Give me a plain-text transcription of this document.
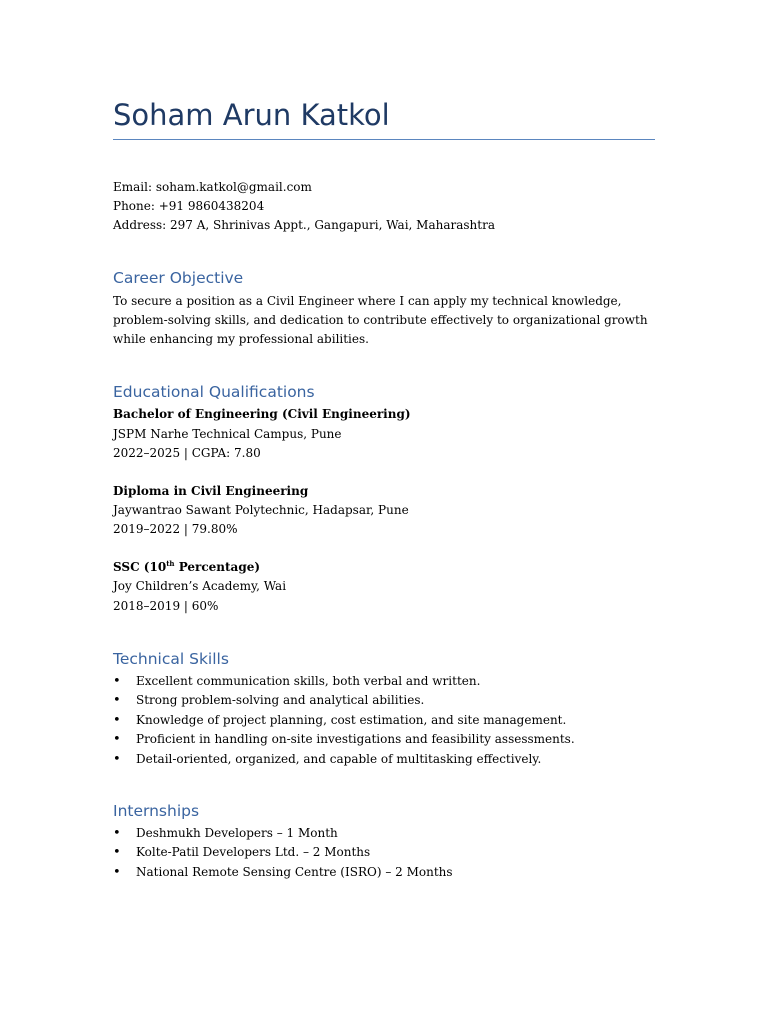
Soham Arun Katkol

Email: soham.katkol@gmail.com

Phone: +91 9860438204

Address: 297 A, Shrinivas Appt., Gangapuri, Wai, Maharashtra

Career Objective

To secure a position as a Civil Engineer where I can apply my technical knowledge,

problem-solving skills, and dedication to contribute effectively to organizational growth

while enhancing my professional abilities.

Educational Qualifications

Bachelor of Engineering (Civil Engineering)

JSPM Narhe Technical Campus, Pune

2022–2025 | CGPA: 7.80

Diploma in Civil Engineering

Jaywantrao Sawant Polytechnic, Hadapsar, Pune

2019–2022 | 79.80%

SSC (10th Percentage)

Joy Children’s Academy, Wai

2018–2019 | 60%

Technical Skills
• Excellent communication skills, both verbal and written.
• Strong problem-solving and analytical abilities.
• Knowledge of project planning, cost estimation, and site management.
• Proficient in handling on-site investigations and feasibility assessments.
• Detail-oriented, organized, and capable of multitasking effectively.
Internships
• Deshmukh Developers – 1 Month
• Kolte-Patil Developers Ltd. – 2 Months
• National Remote Sensing Centre (ISRO) – 2 Months
